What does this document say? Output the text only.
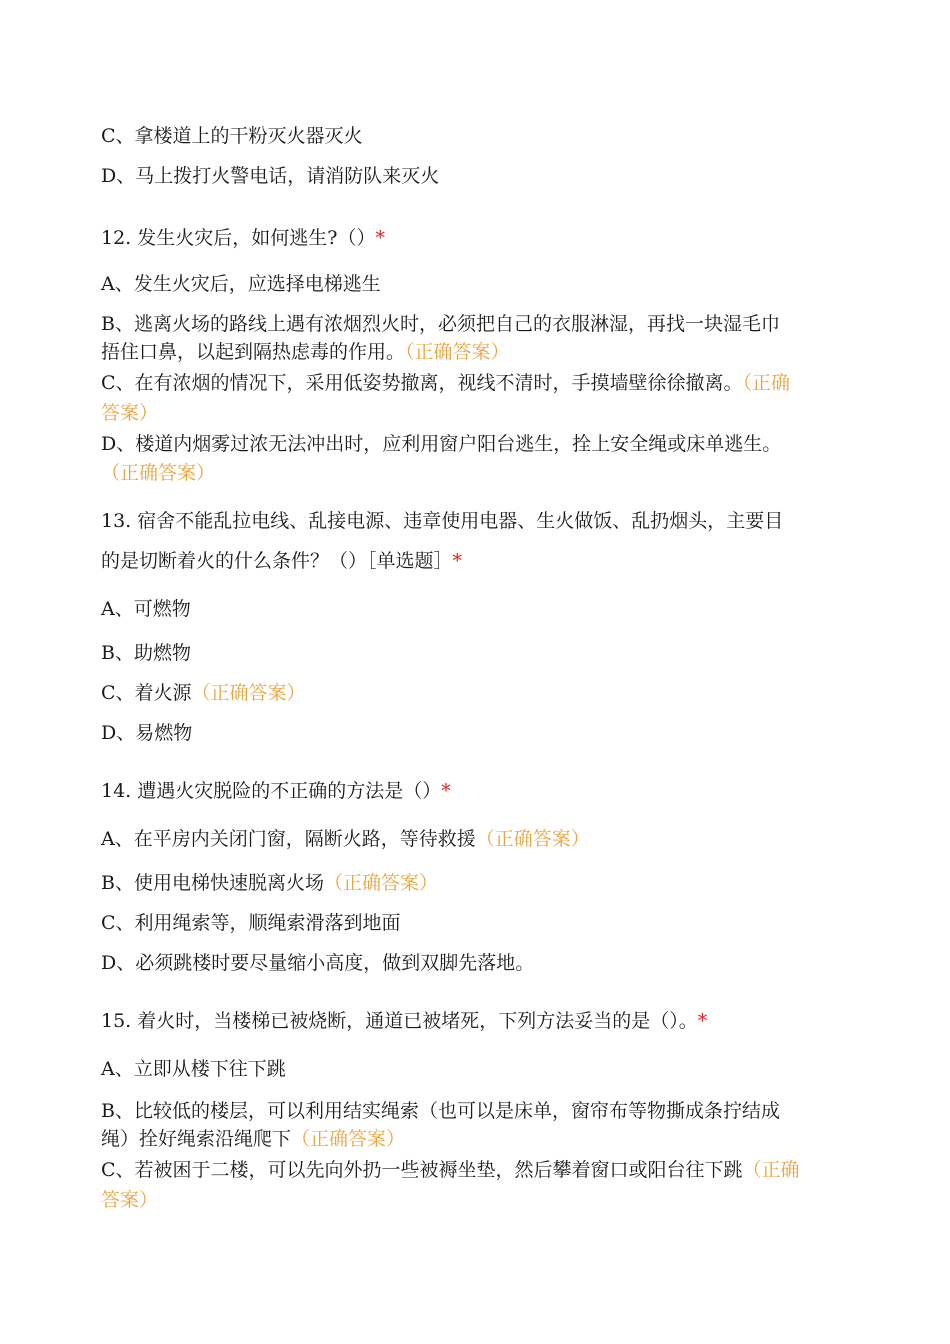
C、拿楼道上的干粉灭火器灭火
D、马上拨打火警电话，请消防队来灭火
12. 发生火灾后，如何逃生?（）*
A、发生火灾后，应选择电梯逃生
B、逃离火场的路线上遇有浓烟烈火时，必须把自己的衣服淋湿，再找一块湿毛巾
捂住口鼻，以起到隔热虑毒的作用。（正确答案）
C、在有浓烟的情况下，采用低姿势撤离，视线不清时，手摸墙壁徐徐撤离。（正确
答案）
D、楼道内烟雾过浓无法冲出时，应利用窗户阳台逃生，拴上安全绳或床单逃生。
（正确答案）
13. 宿舍不能乱拉电线、乱接电源、违章使用电器、生火做饭、乱扔烟头，主要目
的是切断着火的什么条件？（）［单选题］*
A、可燃物
B、助燃物
C、着火源（正确答案）
D、易燃物
14. 遭遇火灾脱险的不正确的方法是（）*
A、在平房内关闭门窗，隔断火路，等待救援（正确答案）
B、使用电梯快速脱离火场（正确答案）
C、利用绳索等，顺绳索滑落到地面
D、必须跳楼时要尽量缩小高度，做到双脚先落地。
15. 着火时，当楼梯已被烧断，通道已被堵死，下列方法妥当的是（）。*
A、立即从楼下往下跳
B、比较低的楼层，可以利用结实绳索（也可以是床单，窗帘布等物撕成条拧结成
绳）拴好绳索沿绳爬下（正确答案）
C、若被困于二楼，可以先向外扔一些被褥坐垫，然后攀着窗口或阳台往下跳（正确
答案）
